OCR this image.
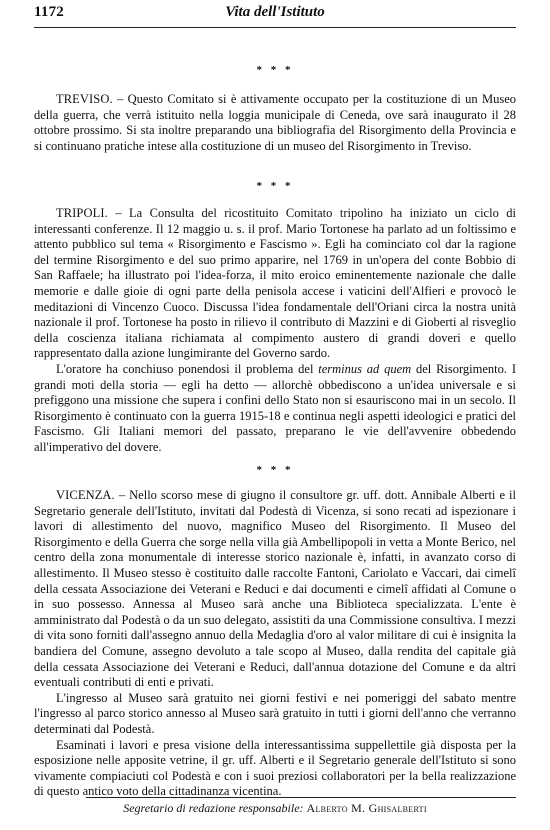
1172	Vita dell'Istituto
* * *

TREVISO. – Questo Comitato si è attivamente occupato per la costituzione di un Museo della guerra, che verrà istituito nella loggia municipale di Ceneda, ove sarà inaugurato il 28 ottobre prossimo. Si sta inoltre preparando una bibliografia del Risorgimento della Provincia e si continuano pratiche intese alla costituzione di un museo del Risorgimento in Treviso.

* * *

TRIPOLI. – La Consulta del ricostituito Comitato tripolino ha iniziato un ciclo di interessanti conferenze. Il 12 maggio u. s. il prof. Mario Tortonese ha parlato ad un foltissimo e attento pubblico sul tema « Risorgimento e Fascismo ». Egli ha cominciato col dar la ragione del termine Risorgimento e del suo primo apparire, nel 1769 in un'opera del conte Bobbio di San Raffaele; ha illustrato poi l'idea-forza, il mito eroico eminentemente nazionale che dalle memorie e dalle gioie di ogni parte della penisola accese i vaticini dell'Alfieri e provocò le meditazioni di Vincenzo Cuoco. Discussa l'idea fondamentale dell'Oriani circa la nostra unità nazionale il prof. Tortonese ha posto in rilievo il contributo di Mazzini e di Gioberti al risveglio della coscienza italiana richiamata al compimento austero di grandi doveri e quello rappresentato dalla azione lungimirante del Governo sardo.

L'oratore ha conchiuso ponendosi il problema del terminus ad quem del Risorgimento. I grandi moti della storia — egli ha detto — allorchè obbediscono a un'idea universale e si prefiggono una missione che supera i confini dello Stato non si esauriscono mai in un secolo. Il Risorgimento è continuato con la guerra 1915-18 e continua negli aspetti ideologici e pratici del Fascismo. Gli Italiani memori del passato, preparano le vie dell'avvenire obbedendo all'imperativo del dovere.

* * *

VICENZA. – Nello scorso mese di giugno il consultore gr. uff. dott. Annibale Alberti e il Segretario generale dell'Istituto, invitati dal Podestà di Vicenza, si sono recati ad ispezionare i lavori di allestimento del nuovo, magnifico Museo del Risorgimento. Il Museo del Risorgimento e della Guerra che sorge nella villa già Ambellipopoli in vetta a Monte Berico, nel centro della zona monumentale di interesse storico nazionale è, infatti, in avanzato corso di allestimento. Il Museo stesso è costituito dalle raccolte Fantoni, Cariolato e Vaccari, dai cimelî della cessata Associazione dei Veterani e Reduci e dai documenti e cimelî affidati al Comune o in suo possesso. Annessa al Museo sarà anche una Biblioteca specializzata. L'ente è amministrato dal Podestà o da un suo delegato, assistiti da una Commissione consultiva. I mezzi di vita sono forniti dall'assegno annuo della Medaglia d'oro al valor militare di cui è insignita la bandiera del Comune, assegno devoluto a tale scopo al Museo, dalla rendita del capitale già della cessata Associazione dei Veterani e Reduci, dall'annua dotazione del Comune e da altri eventuali contributi di enti e privati.

L'ingresso al Museo sarà gratuito nei giorni festivi e nei pomeriggi del sabato mentre l'ingresso al parco storico annesso al Museo sarà gratuito in tutti i giorni dell'anno che verranno determinati dal Podestà.

Esaminati i lavori e presa visione della interessantissima suppellettile già disposta per la esposizione nelle apposite vetrine, il gr. uff. Alberti e il Segretario generale dell'Istituto si sono vivamente compiaciuti col Podestà e con i suoi preziosi collaboratori per la bella realizzazione di questo antico voto della cittadinanza vicentina.

Segretario di redazione responsabile: Alberto M. Ghisalberti
